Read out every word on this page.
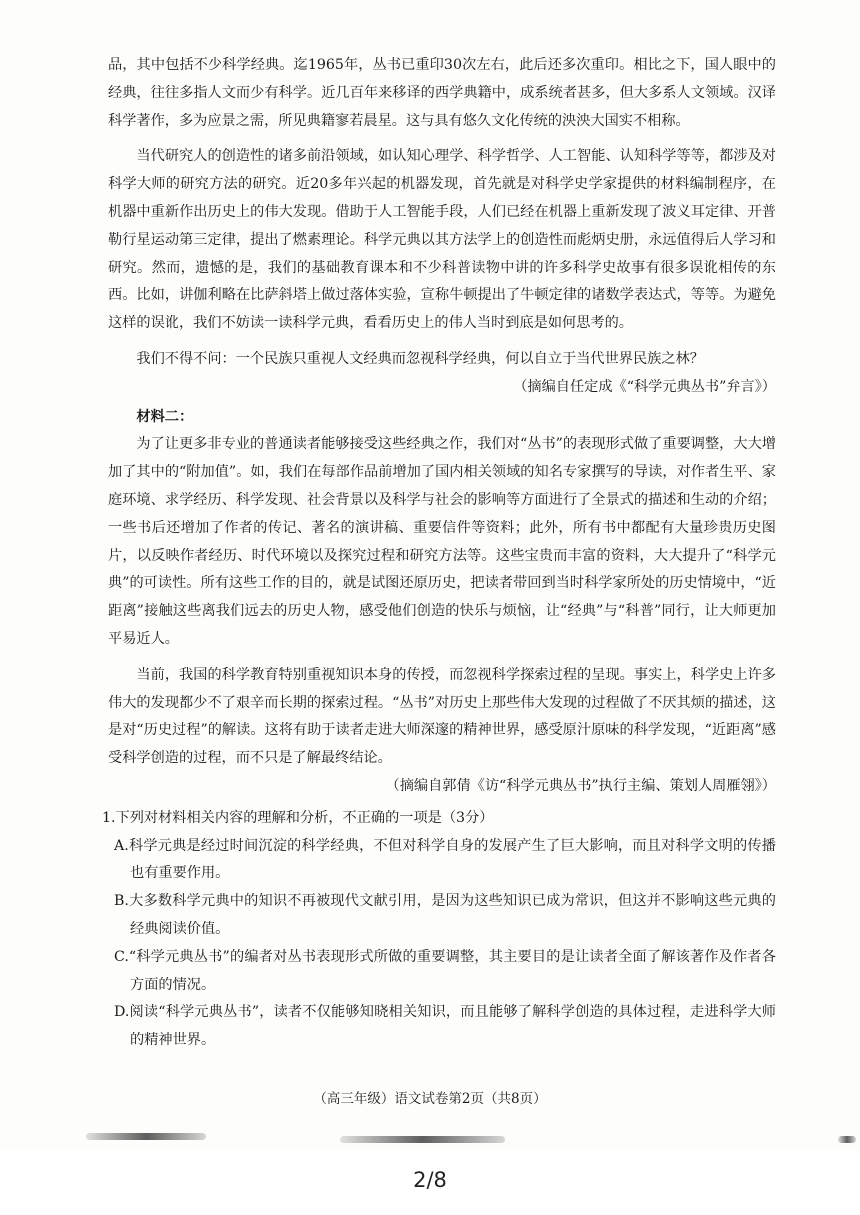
品，其中包括不少科学经典。迄1965年，丛书已重印30次左右，此后还多次重印。相比之下，国人眼中的经典，往往多指人文而少有科学。近几百年来移译的西学典籍中，成系统者甚多，但大多系人文领域。汉译科学著作，多为应景之需，所见典籍寥若晨星。这与具有悠久文化传统的泱泱大国实不相称。

当代研究人的创造性的诸多前沿领域，如认知心理学、科学哲学、人工智能、认知科学等等，都涉及对科学大师的研究方法的研究。近20多年兴起的机器发现，首先就是对科学史学家提供的材料编制程序，在机器中重新作出历史上的伟大发现。借助于人工智能手段，人们已经在机器上重新发现了波义耳定律、开普勒行星运动第三定律，提出了燃素理论。科学元典以其方法学上的创造性而彪炳史册，永远值得后人学习和研究。然而，遗憾的是，我们的基础教育课本和不少科普读物中讲的许多科学史故事有很多误讹相传的东西。比如，讲伽利略在比萨斜塔上做过落体实验，宣称牛顿提出了牛顿定律的诸数学表达式，等等。为避免这样的误讹，我们不妨读一读科学元典，看看历史上的伟人当时到底是如何思考的。

我们不得不问：一个民族只重视人文经典而忽视科学经典，何以自立于当代世界民族之林？

（摘编自任定成《“科学元典丛书”弁言》）

材料二：

为了让更多非专业的普通读者能够接受这些经典之作，我们对“丛书”的表现形式做了重要调整，大大增加了其中的“附加值”。如，我们在每部作品前增加了国内相关领域的知名专家撰写的导读，对作者生平、家庭环境、求学经历、科学发现、社会背景以及科学与社会的影响等方面进行了全景式的描述和生动的介绍；一些书后还增加了作者的传记、著名的演讲稿、重要信件等资料；此外，所有书中都配有大量珍贵历史图片，以反映作者经历、时代环境以及探究过程和研究方法等。这些宝贵而丰富的资料，大大提升了“科学元典”的可读性。所有这些工作的目的，就是试图还原历史，把读者带回到当时科学家所处的历史情境中，“近距离”接触这些离我们远去的历史人物，感受他们创造的快乐与烦恼，让“经典”与“科普”同行，让大师更加平易近人。

当前，我国的科学教育特别重视知识本身的传授，而忽视科学探索过程的呈现。事实上，科学史上许多伟大的发现都少不了艰辛而长期的探索过程。“丛书”对历史上那些伟大发现的过程做了不厌其烦的描述，这是对“历史过程”的解读。这将有助于读者走进大师深邃的精神世界，感受原汁原味的科学发现，“近距离”感受科学创造的过程，而不只是了解最终结论。

（摘编自郭倩《访“科学元典丛书”执行主编、策划人周雁翎》）

1.下列对材料相关内容的理解和分析，不正确的一项是（3分）

A.科学元典是经过时间沉淀的科学经典，不但对科学自身的发展产生了巨大影响，而且对科学文明的传播也有重要作用。

B.大多数科学元典中的知识不再被现代文献引用，是因为这些知识已成为常识，但这并不影响这些元典的经典阅读价值。

C.“科学元典丛书”的编者对丛书表现形式所做的重要调整，其主要目的是让读者全面了解该著作及作者各方面的情况。

D.阅读“科学元典丛书”，读者不仅能够知晓相关知识，而且能够了解科学创造的具体过程，走进科学大师的精神世界。

（高三年级）语文试卷第2页（共8页）
2/8
